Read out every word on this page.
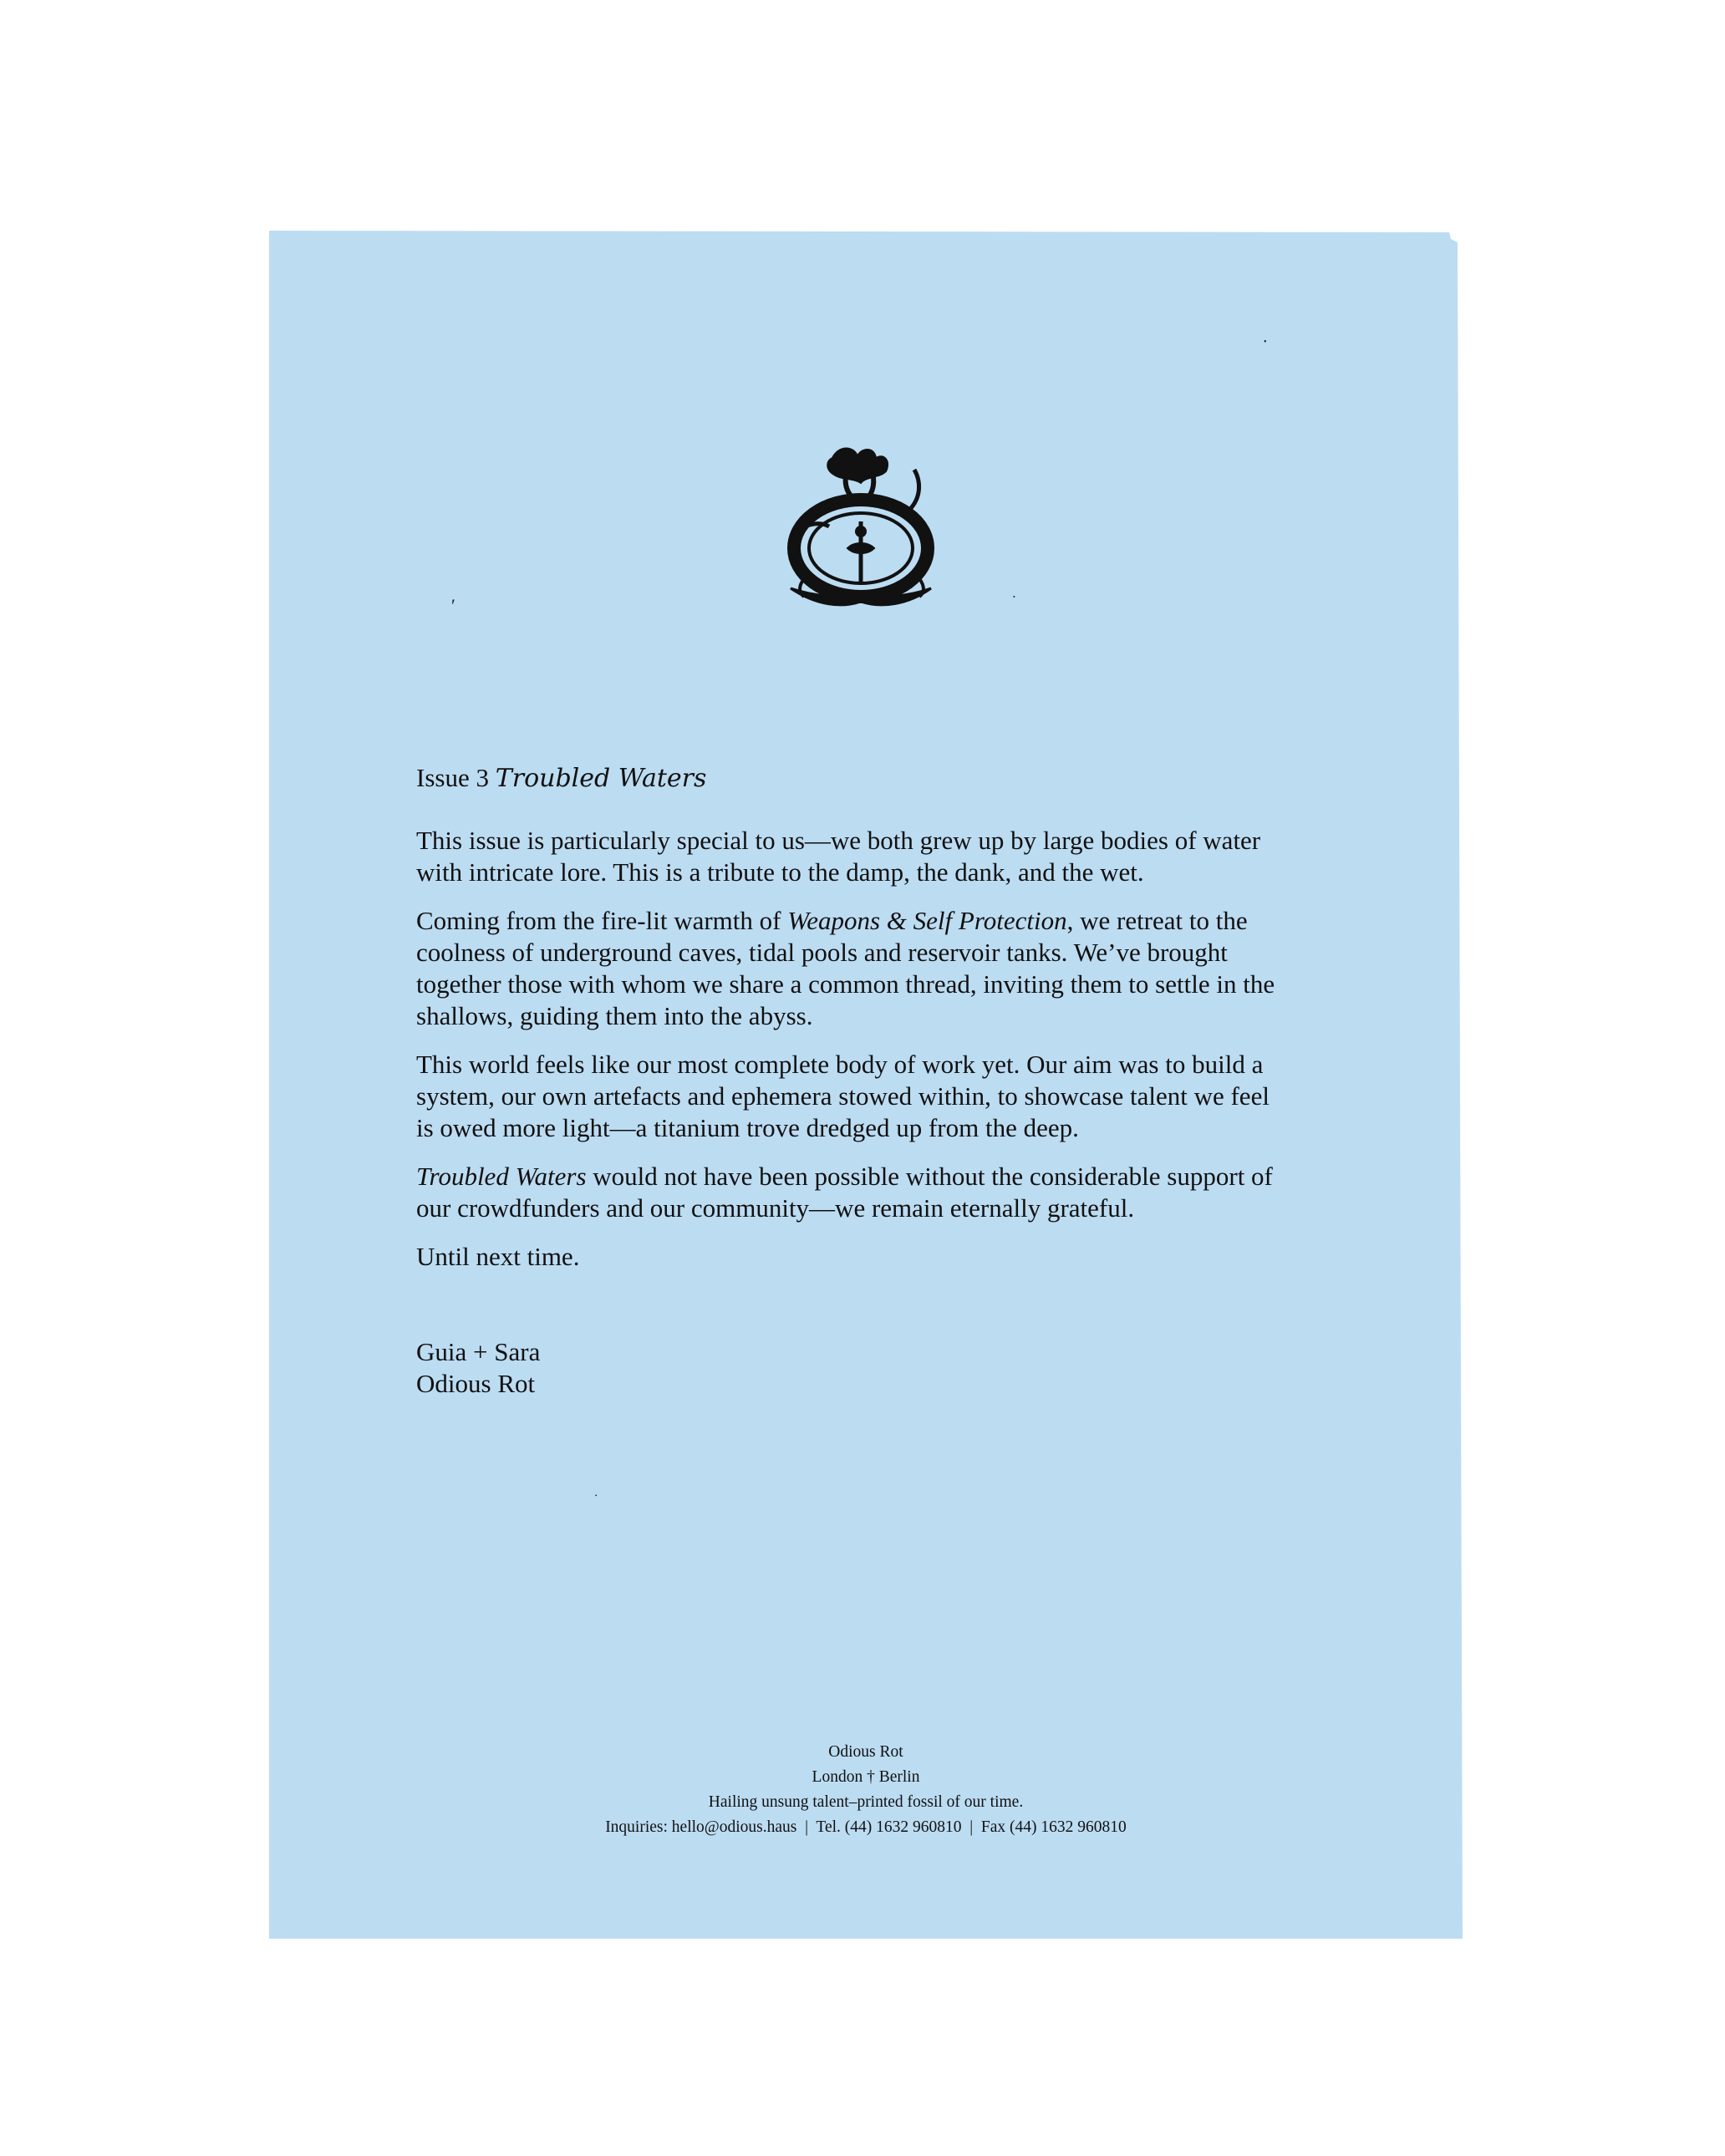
′
•
•
•
Issue 3 Troubled Waters

This issue is particularly special to us—we both grew up by large bodies of water with intricate lore. This is a tribute to the damp, the dank, and the wet.

Coming from the fire-lit warmth of Weapons & Self Protection, we retreat to the coolness of underground caves, tidal pools and reservoir tanks. We’ve brought together those with whom we share a common thread, inviting them to settle in the shallows, guiding them into the abyss.

This world feels like our most complete body of work yet. Our aim was to build a system, our own artefacts and ephemera stowed within, to showcase talent we feel is owed more light—a titanium trove dredged up from the deep.

Troubled Waters would not have been possible without the considerable support of our crowdfunders and our community—we remain eternally grateful.

Until next time.

Guia + Sara
Odious Rot
Odious Rot
London † Berlin
Hailing unsung talent–printed fossil of our time.
Inquiries: hello@odious.haus  |  Tel. (44) 1632 960810  |  Fax (44) 1632 960810
